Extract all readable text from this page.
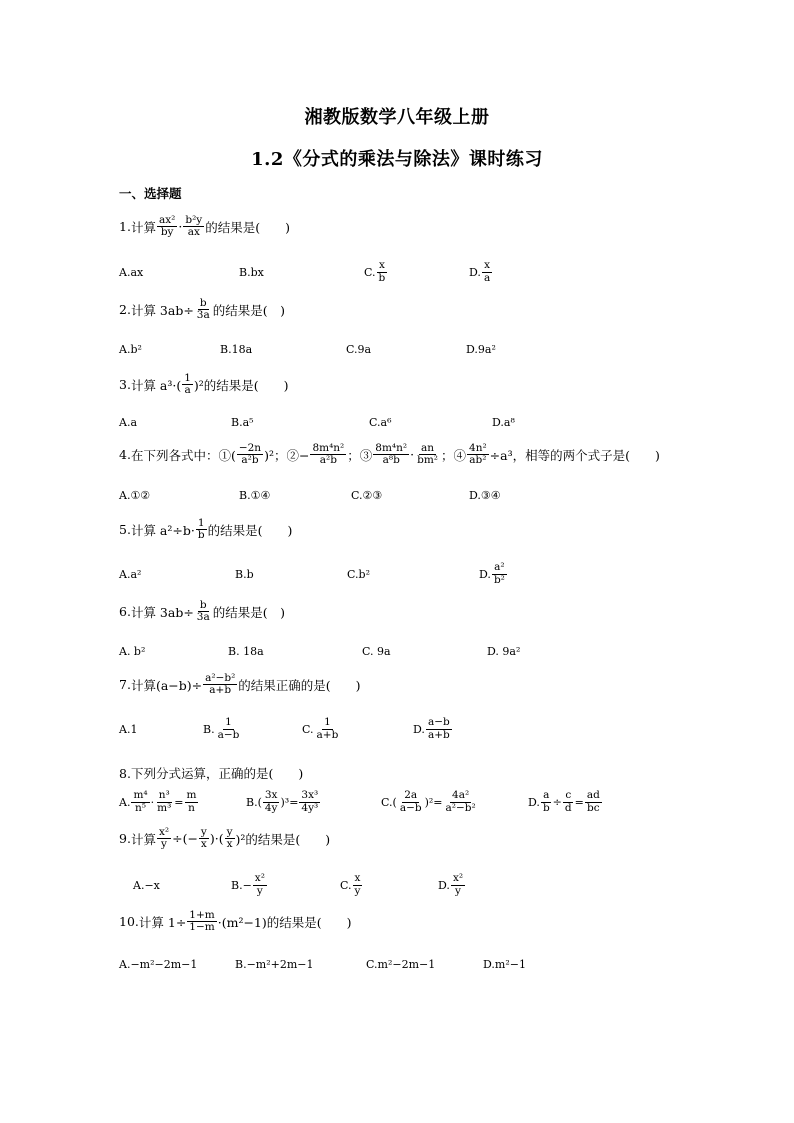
湘教版数学八年级上册
1.2《分式的乘法与除法》课时练习
一、选择题
1. 计算 $\frac{\text{ax²}}{by} \cdot \frac{\text{b²y}}{ax}$ 的结果是(　　)
A.ax	B.bx	C. $\frac{x}{b}$	D. $\frac{x}{a}$
2. 计算 $3ab\div \frac{b}{3a}$ 的结果是(　)
A.b²	B.18a	C.9a	D.9a²
3. 计算 $a^3\cdot( \frac{1}{a} )^2$的结果是(　　)
A.a	B.a⁵	C.a⁶	D.a⁸
4. 在下列各式中：①( $\frac{-2n}{\text{a²b}} )^2$；②− $\frac{\text{8m⁴n²}}{\text{a²b}}$ ；③ $\frac{\text{8m⁴n²}}{\text{a⁸b}} \cdot \frac{an}{\text{bm²}}$ ；④ $\frac{\text{4n²}}{\text{ab²}} \div a^3$，相等的两个式子是(　　)
A.①②	B.①④	C.②③	D.③④
5. 计算 $a^2\div b\cdot \frac{1}{b}$ 的结果是(　　)
A.a²	B.b	C.b²	D. $\frac{\text{a²}}{\text{b²}}$
6. 计算 $3ab\div \frac{b}{3a}$ 的结果是(　)
A. b²	B. 18a	C. 9a	D. 9a²
7. 计算$(a-b)\div \frac{\text{a²−b²}}{a+b}$ 的结果正确的是(　　)
A.1	B. $\frac{1}{a-b}$	C. $\frac{1}{a+b}$	D. $\frac{a-b}{a+b}$
8. 下列分式运算，正确的是(　　)
A. $\frac{\text{m⁴}}{\text{n⁵}} \cdot \frac{\text{n³}}{\text{m³}} = \frac{m}{n}$	$B.( \frac{3x}{4y} )^3= \frac{\text{3x³}}{\text{4y³}}$	$C.( \frac{2a}{a-b} )^2= \frac{\text{4a²}}{\text{a²−b²}}$	D. $\frac{a}{b} \div \frac{c}{d} = \frac{ad}{bc}$
9. 计算 $\frac{\text{x²}}{y}$ ÷(− $\frac{y}{x}$ )·( $\frac{y}{x} )^2$的结果是(　　)
A.−x	$B.- \frac{\text{x²}}{y}$	C. $\frac{x}{y}$	D. $\frac{\text{x²}}{y}$
10. 计算 $1\div \frac{1+m}{1-m} \cdot(m^2-1)$的结果是(　　)
A.−m²−2m−1	B.−m²+2m−1	C.m²−2m−1	D.m²−1
